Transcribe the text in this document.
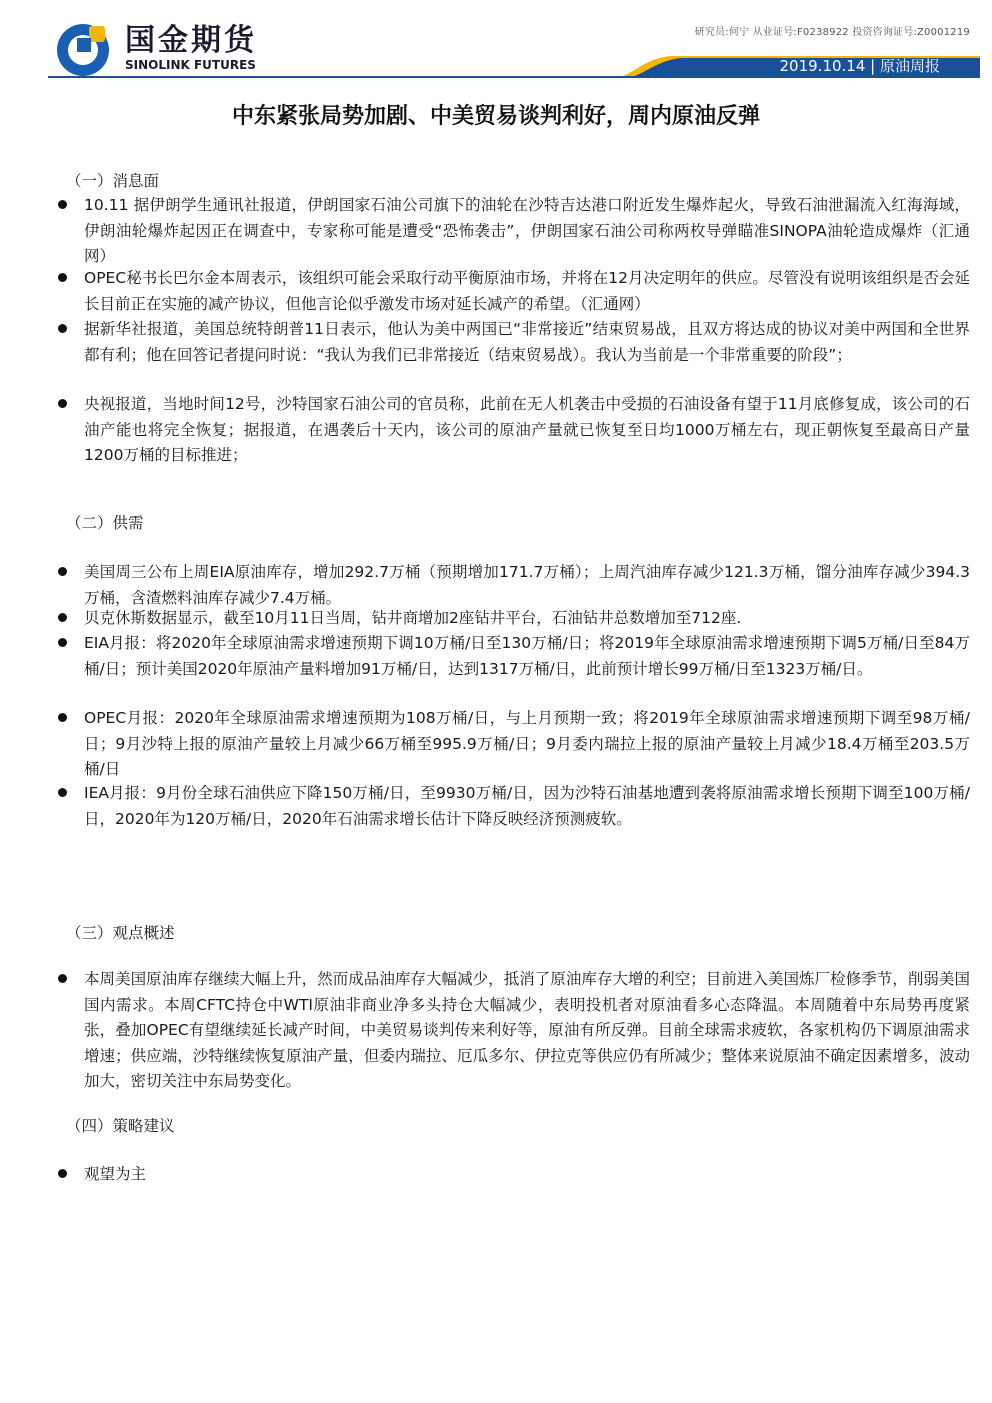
国金期货
SINOLINK FUTURES
研究员:何宁 从业证号:F0238922 投资咨询证号:Z0001219
2019.10.14 | 原油周报
中东紧张局势加剧、中美贸易谈判利好，周内原油反弹
（一）消息面
10.11 据伊朗学生通讯社报道，伊朗国家石油公司旗下的油轮在沙特吉达港口附近发生爆炸起火，导致石油泄漏流入红海海域，伊朗油轮爆炸起因正在调查中，专家称可能是遭受“恐怖袭击”，伊朗国家石油公司称两枚导弹瞄准SINOPA油轮造成爆炸（汇通网）
OPEC秘书长巴尔金本周表示，该组织可能会采取行动平衡原油市场，并将在12月决定明年的供应。尽管没有说明该组织是否会延长目前正在实施的减产协议，但他言论似乎激发市场对延长减产的希望。（汇通网）
据新华社报道，美国总统特朗普11日表示，他认为美中两国已“非常接近”结束贸易战，且双方将达成的协议对美中两国和全世界都有利；他在回答记者提问时说：“我认为我们已非常接近（结束贸易战）。我认为当前是一个非常重要的阶段”；
央视报道，当地时间12号，沙特国家石油公司的官员称，此前在无人机袭击中受损的石油设备有望于11月底修复成，该公司的石油产能也将完全恢复；据报道，在遇袭后十天内，该公司的原油产量就已恢复至日均1000万桶左右，现正朝恢复至最高日产量1200万桶的目标推进；
（二）供需
美国周三公布上周EIA原油库存，增加292.7万桶（预期增加171.7万桶）；上周汽油库存减少121.3万桶，馏分油库存减少394.3万桶，含渣燃料油库存减少7.4万桶。
贝克休斯数据显示，截至10月11日当周，钻井商增加2座钻井平台，石油钻井总数增加至712座.
EIA月报：将2020年全球原油需求增速预期下调10万桶/日至130万桶/日；将2019年全球原油需求增速预期下调5万桶/日至84万桶/日；预计美国2020年原油产量料增加91万桶/日，达到1317万桶/日，此前预计增长99万桶/日至1323万桶/日。
OPEC月报：2020年全球原油需求增速预期为108万桶/日，与上月预期一致；将2019年全球原油需求增速预期下调至98万桶/日；9月沙特上报的原油产量较上月减少66万桶至995.9万桶/日；9月委内瑞拉上报的原油产量较上月减少18.4万桶至203.5万桶/日
IEA月报：9月份全球石油供应下降150万桶/日，至9930万桶/日，因为沙特石油基地遭到袭将原油需求增长预期下调至100万桶/日，2020年为120万桶/日，2020年石油需求增长估计下降反映经济预测疲软。
（三）观点概述
本周美国原油库存继续大幅上升，然而成品油库存大幅减少，抵消了原油库存大增的利空；目前进入美国炼厂检修季节，削弱美国国内需求。本周CFTC持仓中WTI原油非商业净多头持仓大幅减少，表明投机者对原油看多心态降温。本周随着中东局势再度紧张，叠加OPEC有望继续延长减产时间，中美贸易谈判传来利好等，原油有所反弹。目前全球需求疲软，各家机构仍下调原油需求增速；供应端，沙特继续恢复原油产量，但委内瑞拉、厄瓜多尔、伊拉克等供应仍有所减少；整体来说原油不确定因素增多，波动加大，密切关注中东局势变化。
（四）策略建议
观望为主
